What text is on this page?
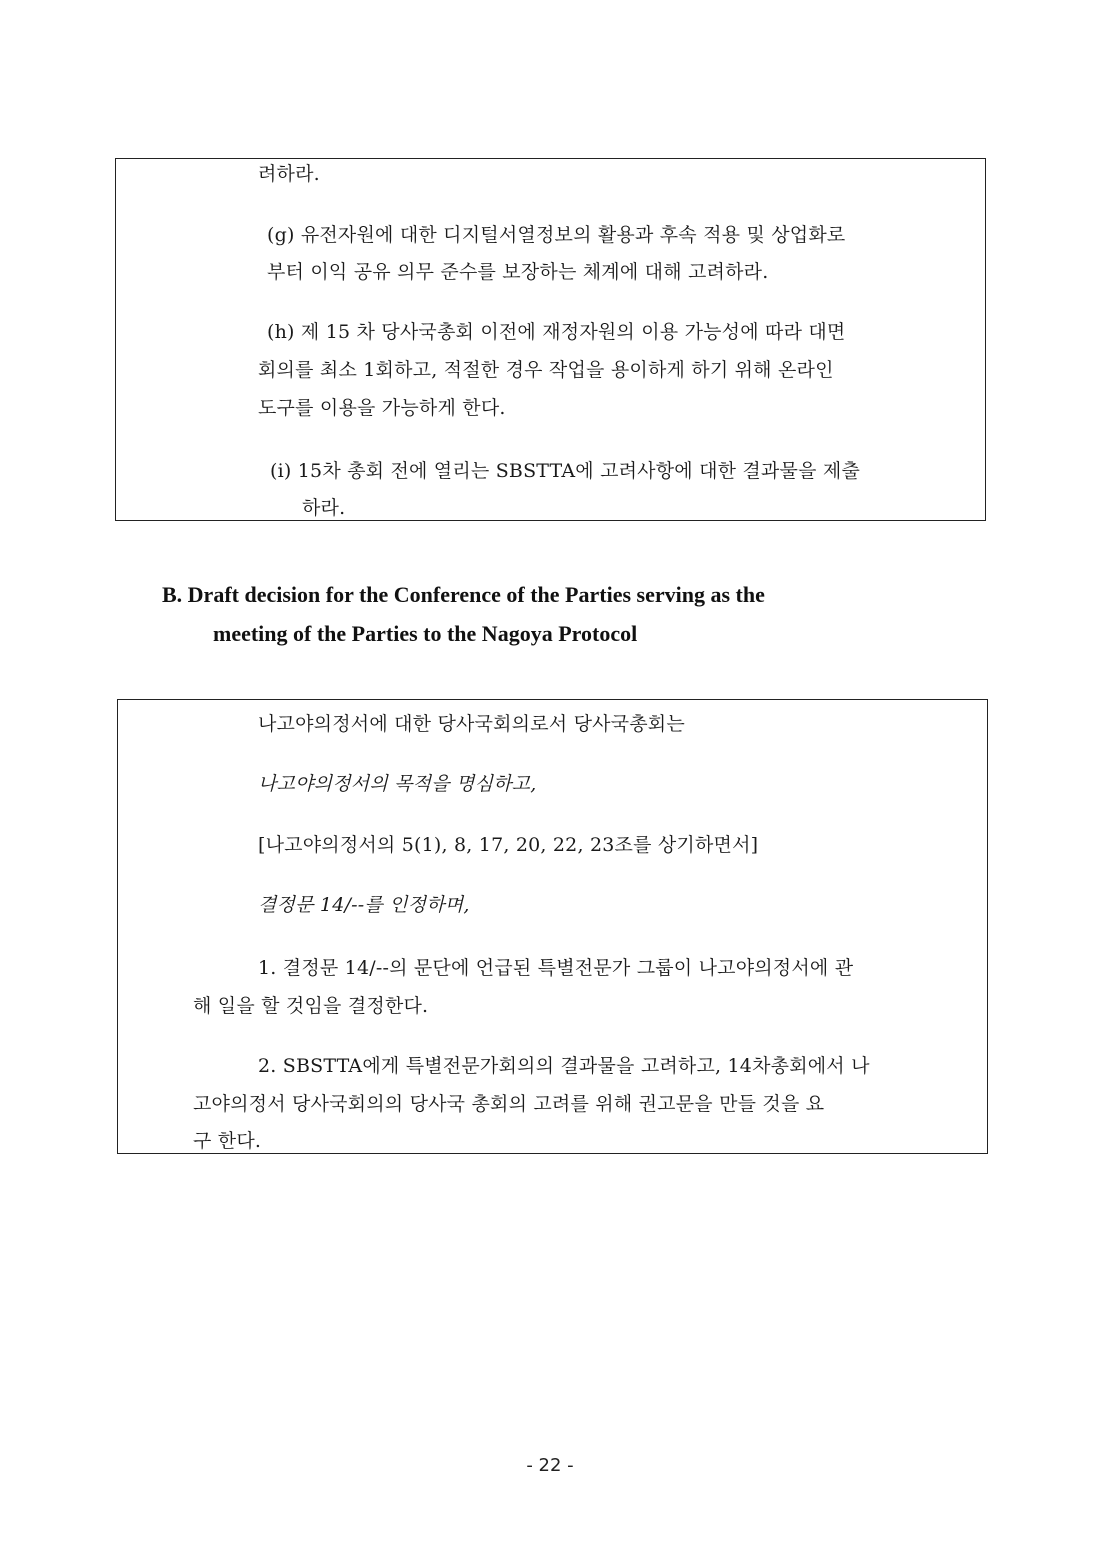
려하라.
(g) 유전자원에 대한 디지털서열정보의 활용과 후속 적용 및 상업화로
부터 이익 공유 의무 준수를 보장하는 체계에 대해 고려하라.
(h) 제 15 차 당사국총회 이전에 재정자원의 이용 가능성에 따라 대면
회의를 최소 1회하고, 적절한 경우 작업을 용이하게 하기 위해 온라인
도구를 이용을 가능하게 한다.
(i) 15차 총회 전에 열리는 SBSTTA에 고려사항에 대한 결과물을 제출
하라.
B. Draft decision for the Conference of the Parties serving as the
meeting of the Parties to the Nagoya Protocol
나고야의정서에 대한 당사국회의로서 당사국총회는
나고야의정서의 목적을 명심하고,
[나고야의정서의 5(1), 8, 17, 20, 22, 23조를 상기하면서]
결정문 14/--를 인정하며,
1. 결정문 14/--의 문단에 언급된 특별전문가 그룹이 나고야의정서에 관
해 일을 할 것임을 결정한다.
2. SBSTTA에게 특별전문가회의의 결과물을 고려하고, 14차총회에서 나
고야의정서 당사국회의의 당사국 총회의 고려를 위해 권고문을 만들 것을 요
구 한다.
- 22 -
